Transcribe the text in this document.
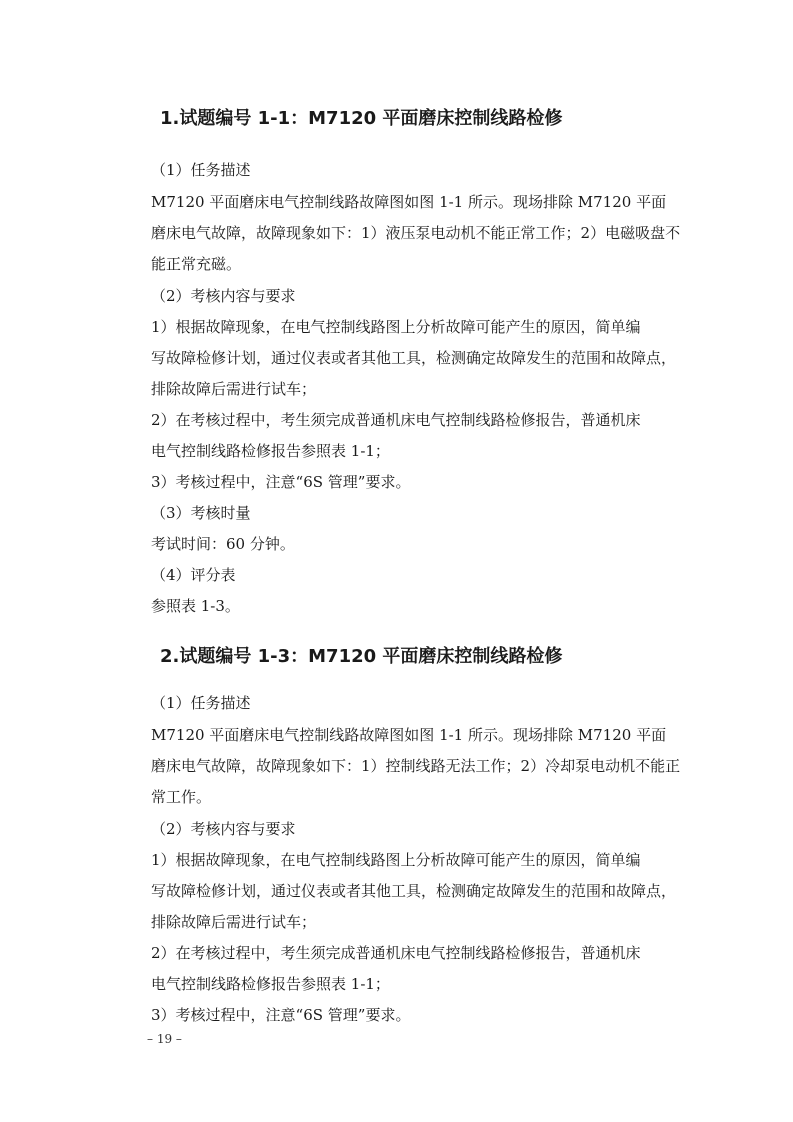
1.试题编号 1-1：M7120 平面磨床控制线路检修
（1）任务描述
M7120 平面磨床电气控制线路故障图如图 1-1 所示。现场排除 M7120 平面
磨床电气故障，故障现象如下：1）液压泵电动机不能正常工作；2）电磁吸盘不
能正常充磁。
（2）考核内容与要求
1）根据故障现象，在电气控制线路图上分析故障可能产生的原因，简单编
写故障检修计划，通过仪表或者其他工具，检测确定故障发生的范围和故障点，
排除故障后需进行试车；
2）在考核过程中，考生须完成普通机床电气控制线路检修报告，普通机床
电气控制线路检修报告参照表 1-1；
3）考核过程中，注意“6S 管理”要求。
（3）考核时量
考试时间：60 分钟。
（4）评分表
参照表 1-3。
2.试题编号 1-3：M7120 平面磨床控制线路检修
（1）任务描述
M7120 平面磨床电气控制线路故障图如图 1-1 所示。现场排除 M7120 平面
磨床电气故障，故障现象如下：1）控制线路无法工作；2）冷却泵电动机不能正
常工作。
（2）考核内容与要求
1）根据故障现象，在电气控制线路图上分析故障可能产生的原因，简单编
写故障检修计划，通过仪表或者其他工具，检测确定故障发生的范围和故障点，
排除故障后需进行试车；
2）在考核过程中，考生须完成普通机床电气控制线路检修报告，普通机床
电气控制线路检修报告参照表 1-1；
3）考核过程中，注意“6S 管理”要求。
– 19 –
